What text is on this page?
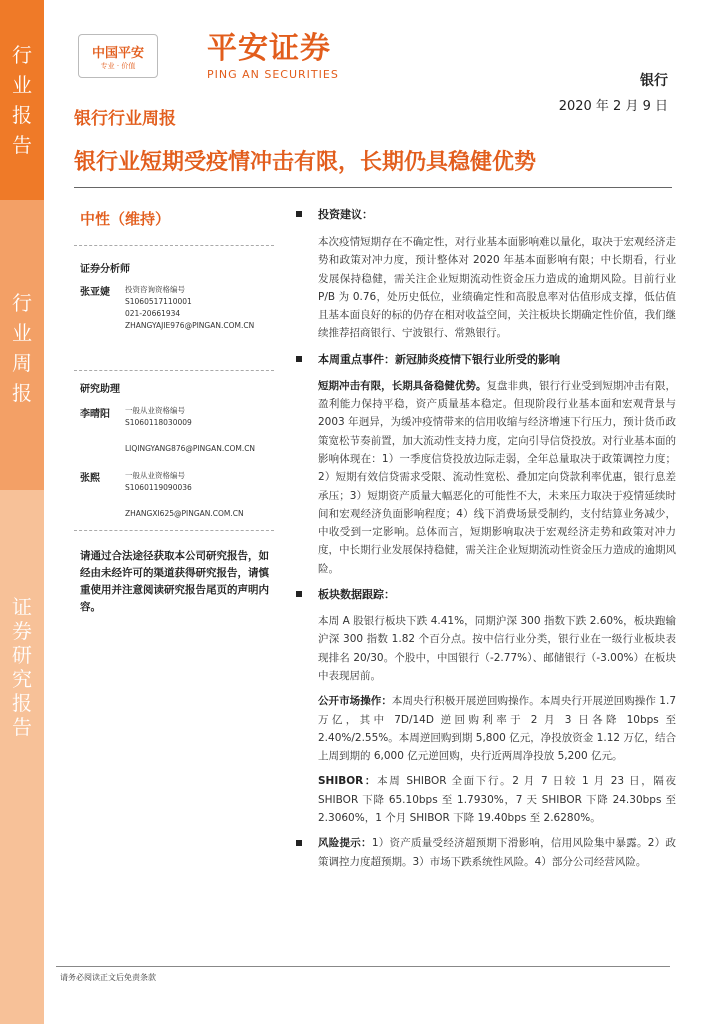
行
业
报
告
行
业
周
报
证
券
研
究
报
告
中国平安
专业 · 价值	平安证券
PING AN SECURITIES	银行
2020 年 2 月 9 日
银行行业周报
银行业短期受疫情冲击有限，长期仍具稳健优势
中性（维持）
证券分析师
张亚婕 投资咨询资格编号
S1060517110001
021-20661934
ZHANGYAJIE976@PINGAN.COM.CN
研究助理
李晴阳 一般从业资格编号
S1060118030009
LIQINGYANG876@PINGAN.COM.CN
张熙	一般从业资格编号
S1060119090036
ZHANGXI625@PINGAN.COM.CN
请通过合法途径获取本公司研究报告，如经由未经许可的渠道获得研究报告，请慎重使用并注意阅读研究报告尾页的声明内容。
投资建议：
本次疫情短期存在不确定性，对行业基本面影响难以量化，取决于宏观经济走势和政策对冲力度，预计整体对 2020 年基本面影响有限；中长期看，行业发展保持稳健，需关注企业短期流动性资金压力造成的逾期风险。目前行业 P/B 为 0.76，处历史低位，业绩确定性和高股息率对估值形成支撑，低估值且基本面良好的标的仍存在相对收益空间，关注板块长期确定性价值，我们继续推荐招商银行、宁波银行、常熟银行。
本周重点事件：新冠肺炎疫情下银行业所受的影响
短期冲击有限，长期具备稳健优势。复盘非典，银行行业受到短期冲击有限，盈利能力保持平稳，资产质量基本稳定。但现阶段行业基本面和宏观背景与 2003 年迥异，为缓冲疫情带来的信用收缩与经济增速下行压力，预计货币政策宽松节奏前置，加大流动性支持力度，定向引导信贷投放。对行业基本面的影响体现在：1）一季度信贷投放边际走弱，全年总量取决于政策调控力度；2）短期有效信贷需求受限、流动性宽松、叠加定向贷款利率优惠，银行息差承压；3）短期资产质量大幅恶化的可能性不大，未来压力取决于疫情延续时间和宏观经济负面影响程度；4）线下消费场景受制约，支付结算业务减少，中收受到一定影响。总体而言，短期影响取决于宏观经济走势和政策对冲力度，中长期行业发展保持稳健，需关注企业短期流动性资金压力造成的逾期风险。
板块数据跟踪：
本周 A 股银行板块下跌 4.41%，同期沪深 300 指数下跌 2.60%，板块跑输沪深 300 指数 1.82 个百分点。按中信行业分类，银行业在一级行业板块表现排名 20/30。个股中，中国银行（-2.77%）、邮储银行（-3.00%）在板块中表现居前。
公开市场操作：本周央行积极开展逆回购操作。本周央行开展逆回购操作 1.7 万亿，其中 7D/14D 逆回购利率于 2 月 3 日各降 10bps 至 2.40%/2.55%。本周逆回购到期 5,800 亿元，净投放资金 1.12 万亿，结合上周到期的 6,000 亿元逆回购，央行近两周净投放 5,200 亿元。
SHIBOR：本周 SHIBOR 全面下行。2 月 7 日较 1 月 23 日，隔夜 SHIBOR 下降 65.10bps 至 1.7930%，7 天 SHIBOR 下降 24.30bps 至 2.3060%，1 个月 SHIBOR 下降 19.40bps 至 2.6280%。
风险提示：1）资产质量受经济超预期下滑影响，信用风险集中暴露。2）政策调控力度超预期。3）市场下跌系统性风险。4）部分公司经营风险。
请务必阅读正文后免责条款
